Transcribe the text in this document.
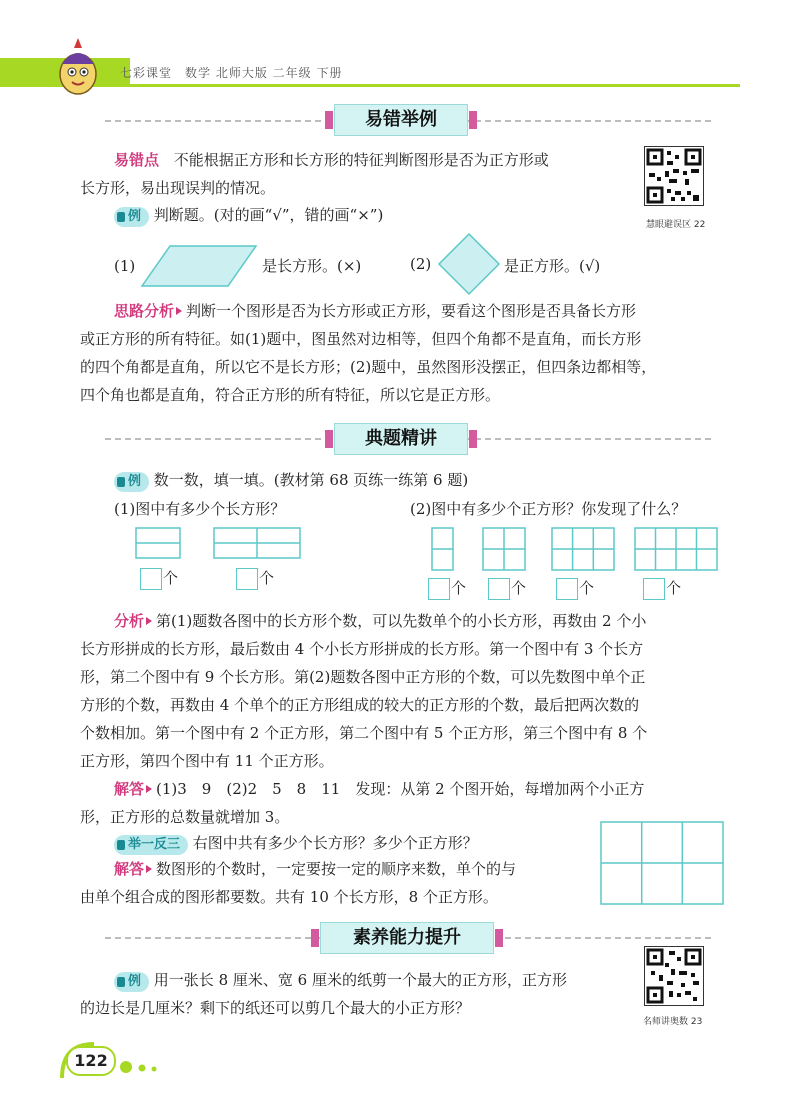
七彩课堂　数学 北师大版 二年级 下册
易错举例
易错点 不能根据正方形和长方形的特征判断图形是否为正方形或
长方形，易出现误判的情况。
例 判断题。(对的画“√”，错的画“×”)
慧眼避误区 22
(1)	是长方形。(×)	(2)	是正方形。(√)
思路分析 判断一个图形是否为长方形或正方形，要看这个图形是否具备长方形
或正方形的所有特征。如(1)题中，图虽然对边相等，但四个角都不是直角，而长方形
的四个角都是直角，所以它不是长方形；(2)题中，虽然图形没摆正，但四条边都相等，
四个角也都是直角，符合正方形的所有特征，所以它是正方形。
典题精讲
例 数一数，填一填。(教材第 68 页练一练第 6 题)
(1)图中有多少个长方形？	(2)图中有多少个正方形？你发现了什么？
个	个
个	个	个	个
分析 第(1)题数各图中的长方形个数，可以先数单个的小长方形，再数由 2 个小
长方形拼成的长方形，最后数由 4 个小长方形拼成的长方形。第一个图中有 3 个长方
形，第二个图中有 9 个长方形。第(2)题数各图中正方形的个数，可以先数图中单个正
方形的个数，再数由 4 个单个的正方形组成的较大的正方形的个数，最后把两次数的
个数相加。第一个图中有 2 个正方形，第二个图中有 5 个正方形，第三个图中有 8 个
正方形，第四个图中有 11 个正方形。
解答 (1)3　9　(2)2　5　8　11　发现：从第 2 个图开始，每增加两个小正方
形，正方形的总数量就增加 3。
举一反三 右图中共有多少个长方形？多少个正方形？
解答 数图形的个数时，一定要按一定的顺序来数，单个的与
由单个组合成的图形都要数。共有 10 个长方形，8 个正方形。
素养能力提升
例 用一张长 8 厘米、宽 6 厘米的纸剪一个最大的正方形，正方形
的边长是几厘米？剩下的纸还可以剪几个最大的小正方形？
名师讲奥数 23
122
